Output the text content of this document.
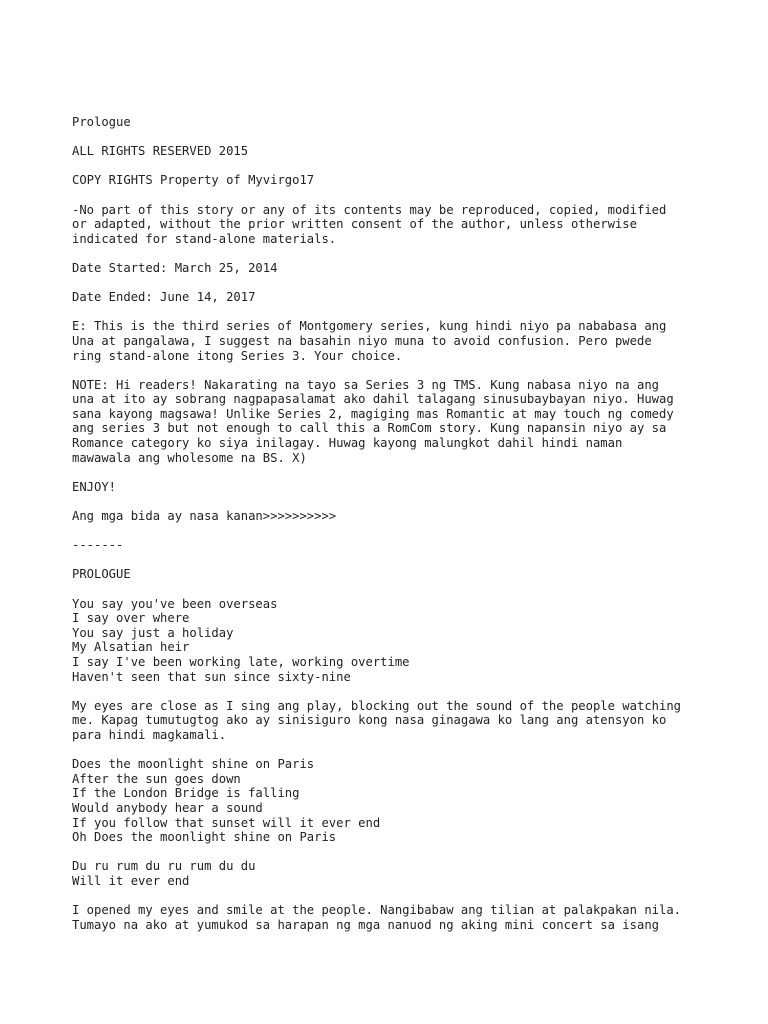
Prologue
ALL RIGHTS RESERVED 2015
COPY RIGHTS Property of Myvirgo17
-No part of this story or any of its contents may be reproduced, copied, modified
or adapted, without the prior written consent of the author, unless otherwise
indicated for stand-alone materials.
Date Started: March 25, 2014
Date Ended: June 14, 2017
E: This is the third series of Montgomery series, kung hindi niyo pa nababasa ang
Una at pangalawa, I suggest na basahin niyo muna to avoid confusion. Pero pwede
ring stand-alone itong Series 3. Your choice.
NOTE: Hi readers! Nakarating na tayo sa Series 3 ng TMS. Kung nabasa niyo na ang
una at ito ay sobrang nagpapasalamat ako dahil talagang sinusubaybayan niyo. Huwag
sana kayong magsawa! Unlike Series 2, magiging mas Romantic at may touch ng comedy
ang series 3 but not enough to call this a RomCom story. Kung napansin niyo ay sa
Romance category ko siya inilagay. Huwag kayong malungkot dahil hindi naman
mawawala ang wholesome na BS. X)
ENJOY!
Ang mga bida ay nasa kanan>>>>>>>>>>
-------
PROLOGUE
You say you've been overseas
I say over where
You say just a holiday
My Alsatian heir
I say I've been working late, working overtime
Haven't seen that sun since sixty-nine
My eyes are close as I sing ang play, blocking out the sound of the people watching
me. Kapag tumutugtog ako ay sinisiguro kong nasa ginagawa ko lang ang atensyon ko
para hindi magkamali.
Does the moonlight shine on Paris
After the sun goes down
If the London Bridge is falling
Would anybody hear a sound
If you follow that sunset will it ever end
Oh Does the moonlight shine on Paris
Du ru rum du ru rum du du
Will it ever end
I opened my eyes and smile at the people. Nangibabaw ang tilian at palakpakan nila.
Tumayo na ako at yumukod sa harapan ng mga nanuod ng aking mini concert sa isang
